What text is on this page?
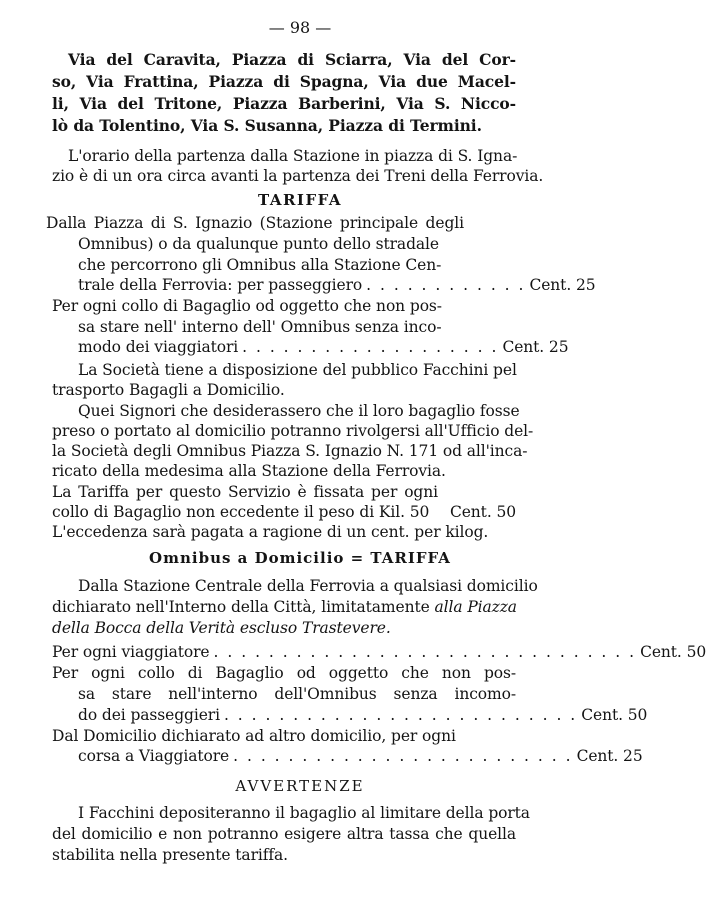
— 98 —
Via del Caravita, Piazza di Sciarra, Via del Cor-
so, Via Frattina, Piazza di Spagna, Via due Macel-
li, Via del Tritone, Piazza Barberini, Via S. Nicco-
lò da Tolentino, Via S. Susanna, Piazza di Termini.
L'orario della partenza dalla Stazione in piazza di S. Igna-
zio è di un ora circa avanti la partenza dei Treni della Ferrovia.
TARIFFA
Dalla Piazza di S. Ignazio (Stazione principale degli
Omnibus) o da qualunque punto dello stradale
che percorrono gli Omnibus alla Stazione Cen-
trale della Ferrovia: per passeggiero . . . . . . . . . . . . Cent. 25
Per ogni collo di Bagaglio od oggetto che non pos-
sa stare nell' interno dell' Omnibus senza inco-
modo dei viaggiatori . . . . . . . . . . . . . . . . . . . Cent. 25
La Società tiene a disposizione del pubblico Facchini pel
trasporto Bagagli a Domicilio.
Quei Signori che desiderassero che il loro bagaglio fosse
preso o portato al domicilio potranno rivolgersi all'Ufficio del-
la Società degli Omnibus Piazza S. Ignazio N. 171 od all'inca-
ricato della medesima alla Stazione della Ferrovia.
La Tariffa per questo Servizio è fissata per ogni
collo di Bagaglio non eccedente il peso di Kil. 50 Cent. 50
L'eccedenza sarà pagata a ragione di un cent. per kilog.
Omnibus a Domicilio = TARIFFA
Dalla Stazione Centrale della Ferrovia a qualsiasi domicilio
dichiarato nell'Interno della Città, limitatamente alla Piazza
della Bocca della Verità escluso Trastevere.
Per ogni viaggiatore . . . . . . . . . . . . . . . . . . . . . . . . . . . . . . . Cent. 50
Per ogni collo di Bagaglio od oggetto che non pos-
sa stare nell'interno dell'Omnibus senza incomo-
do dei passeggieri . . . . . . . . . . . . . . . . . . . . . . . . . . Cent. 50
Dal Domicilio dichiarato ad altro domicilio, per ogni
corsa a Viaggiatore . . . . . . . . . . . . . . . . . . . . . . . . . Cent. 25
AVVERTENZE
I Facchini depositeranno il bagaglio al limitare della porta
del domicilio e non potranno esigere altra tassa che quella
stabilita nella presente tariffa.
